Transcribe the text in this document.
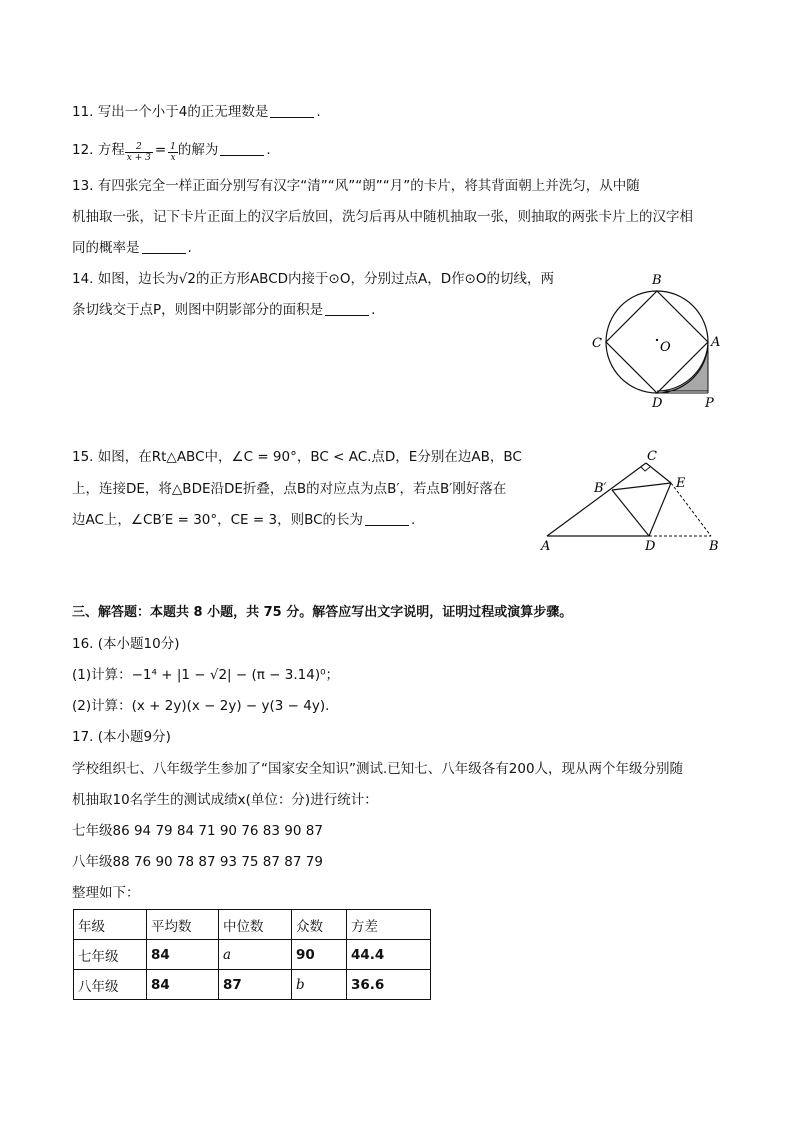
11. 写出一个小于4的正无理数是	.
12. 方程 $\frac{2}{x + 3} = \frac{1}{x}$ 的解为	.
13. 有四张完全一样正面分别写有汉字“清”“风”“朗”“月”的卡片，将其背面朝上并洗匀，从中随
机抽取一张，记下卡片正面上的汉字后放回，洗匀后再从中随机抽取一张，则抽取的两张卡片上的汉字相
同的概率是	.
14. 如图，边长为√2的正方形ABCD内接于⊙O，分别过点A，D作⊙O的切线，两
条切线交于点P，则图中阴影部分的面积是	.
B
C	O	A
D	P
15. 如图，在Rt△ABC中，∠C = 90°，BC < AC.点D，E分别在边AB，BC
上，连接DE，将△BDE沿DE折叠，点B的对应点为点B′，若点B′刚好落在
边AC上，∠CB′E = 30°，CE = 3，则BC的长为	.
C
B′	E
A	D	B
三、解答题：本题共 8 小题，共 75 分。解答应写出文字说明，证明过程或演算步骤。
16. (本小题10分)
(1)计算：−1⁴ + |1 − √2| − (π − 3.14)⁰；
(2)计算：(x + 2y)(x − 2y) − y(3 − 4y).
17. (本小题9分)
学校组织七、八年级学生参加了“国家安全知识”测试.已知七、八年级各有200人，现从两个年级分别随
机抽取10名学生的测试成绩x(单位：分)进行统计：
七年级86 94 79 84 71 90 76 83 90 87
八年级88 76 90 78 87 93 75 87 87 79
整理如下：
年级	平均数	中位数	众数	方差
七年级	84	a	90	44.4
八年级	84	87	b	36.6
